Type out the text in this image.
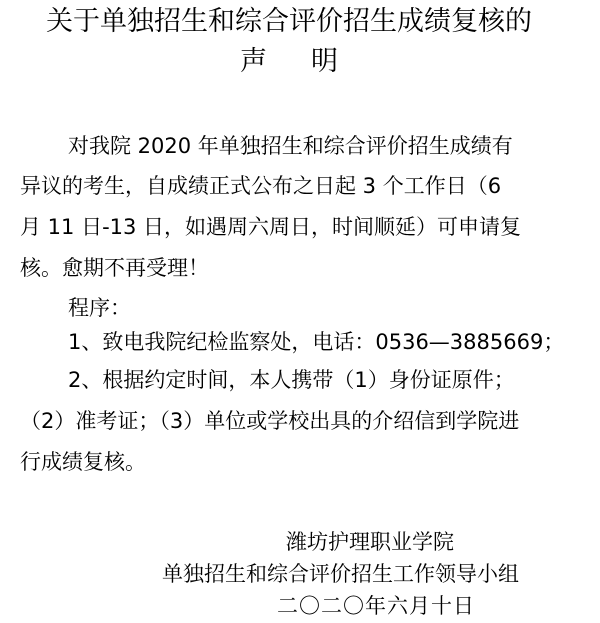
关于单独招生和综合评价招生成绩复核的
声明
对我院 2020 年单独招生和综合评价招生成绩有
异议的考生，自成绩正式公布之日起 3 个工作日（6
月 11 日-13 日，如遇周六周日，时间顺延）可申请复
核。愈期不再受理！
程序：
1、致电我院纪检监察处，电话：0536—3885669；
2、根据约定时间，本人携带（1）身份证原件；
（2）准考证；（3）单位或学校出具的介绍信到学院进
行成绩复核。
潍坊护理职业学院
单独招生和综合评价招生工作领导小组
二〇二〇年六月十日
